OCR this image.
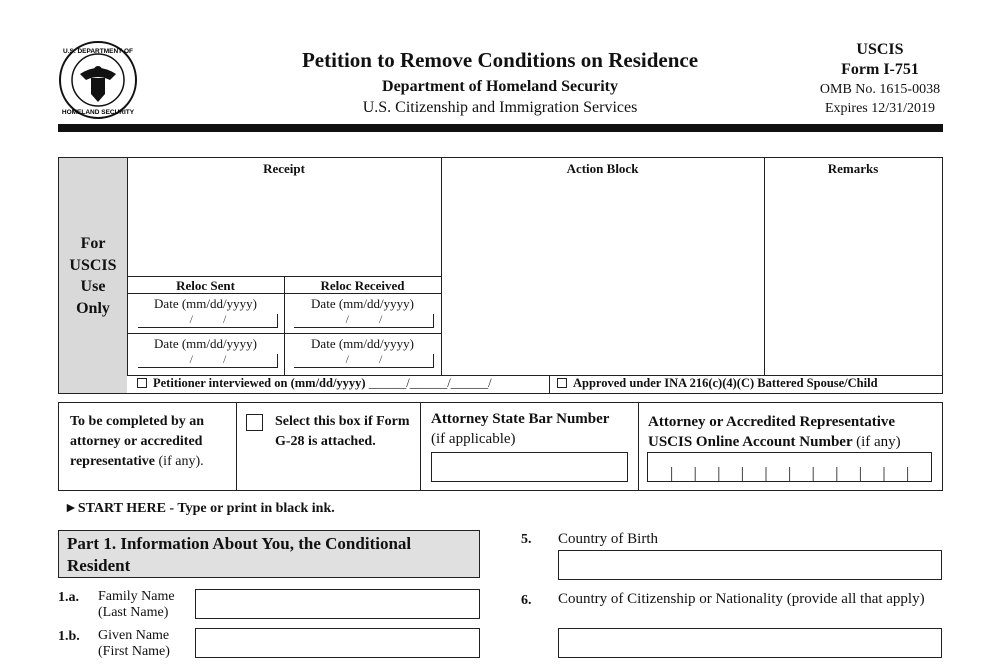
U.S. DEPARTMENT OF
HOMELAND SECURITY
Petition to Remove Conditions on Residence
Department of Homeland Security
U.S. Citizenship and Immigration Services
USCIS
Form I-751
OMB No. 1615-0038
Expires 12/31/2019
For
USCIS
Use
Only
Receipt	Action Block	Remarks
Reloc Sent	Reloc Received
Date (mm/dd/yyyy)	Date (mm/dd/yyyy)
Date (mm/dd/yyyy)	Date (mm/dd/yyyy)
/          /	/          /
/          /	/          /
Petitioner interviewed on (mm/dd/yyyy) ______/______/______/	Approved under INA 216(c)(4)(C) Battered Spouse/Child
To be completed by an attorney or accredited representative (if any).
Select this box if Form G-28 is attached.
Attorney State Bar Number
(if applicable)
Attorney or Accredited Representative USCIS Online Account Number (if any)
►START HERE - Type or print in black ink.
Part 1. Information About You, the Conditional Resident
1.a. Family Name
(Last Name)
1.b. Given Name
(First Name)
5. Country of Birth
6. Country of Citizenship or Nationality (provide all that apply)
